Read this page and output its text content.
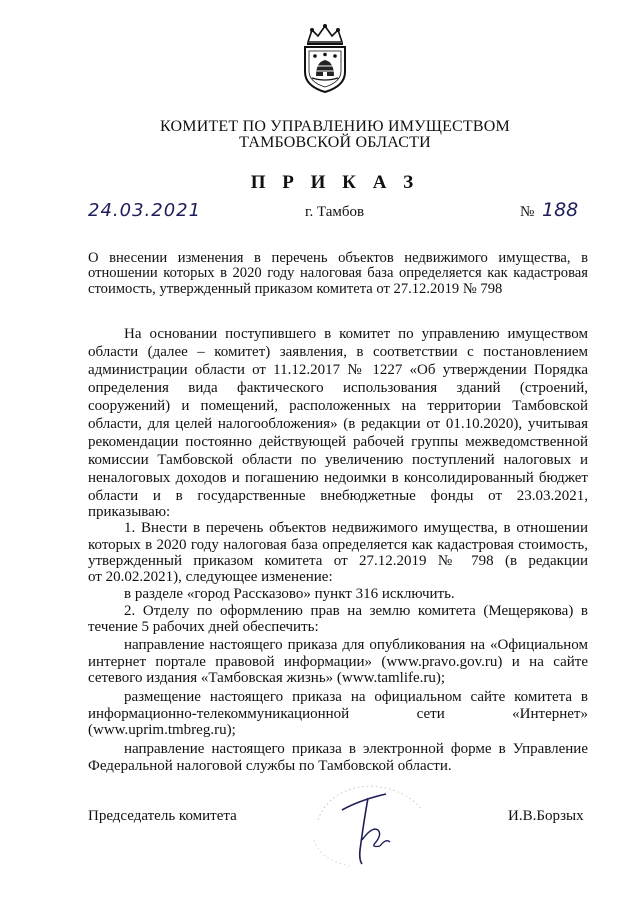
КОМИТЕТ ПО УПРАВЛЕНИЮ ИМУЩЕСТВОМ
ТАМБОВСКОЙ ОБЛАСТИ
П Р И К А З
24.03.2021	г. Тамбов	№ 188
О внесении изменения в перечень объектов недвижимого имущества, в
отношении которых в 2020 году налоговая база определяется как кадастровая
стоимость, утвержденный приказом комитета от 27.12.2019 № 798
На основании поступившего в комитет по управлению имуществом
области (далее – комитет) заявления, в соответствии с постановлением
администрации области от 11.12.2017 № 1227 «Об утверждении Порядка
определения вида фактического использования зданий (строений,
сооружений) и помещений, расположенных на территории Тамбовской
области, для целей налогообложения» (в редакции от 01.10.2020), учитывая
рекомендации постоянно действующей рабочей группы межведомственной
комиссии Тамбовской области по увеличению поступлений налоговых и
неналоговых доходов и погашению недоимки в консолидированный бюджет
области и в государственные внебюджетные фонды от 23.03.2021,
приказываю:
1. Внести в перечень объектов недвижимого имущества, в отношении
которых в 2020 году налоговая база определяется как кадастровая стоимость,
утвержденный приказом комитета от 27.12.2019 № 798 (в редакции
от 20.02.2021), следующее изменение:
в разделе «город Рассказово» пункт 316 исключить.
2. Отделу по оформлению прав на землю комитета (Мещерякова) в
течение 5 рабочих дней обеспечить:
направление настоящего приказа для опубликования на «Официальном
интернет портале правовой информации» (www.pravo.gov.ru) и на сайте
сетевого издания «Тамбовская жизнь» (www.tamlife.ru);
размещение настоящего приказа на официальном сайте комитета в
информационно-телекоммуникационной сети «Интернет»
(www.uprim.tmbreg.ru);
направление настоящего приказа в электронной форме в Управление
Федеральной налоговой службы по Тамбовской области.
Председатель комитета	И.В.Борзых
